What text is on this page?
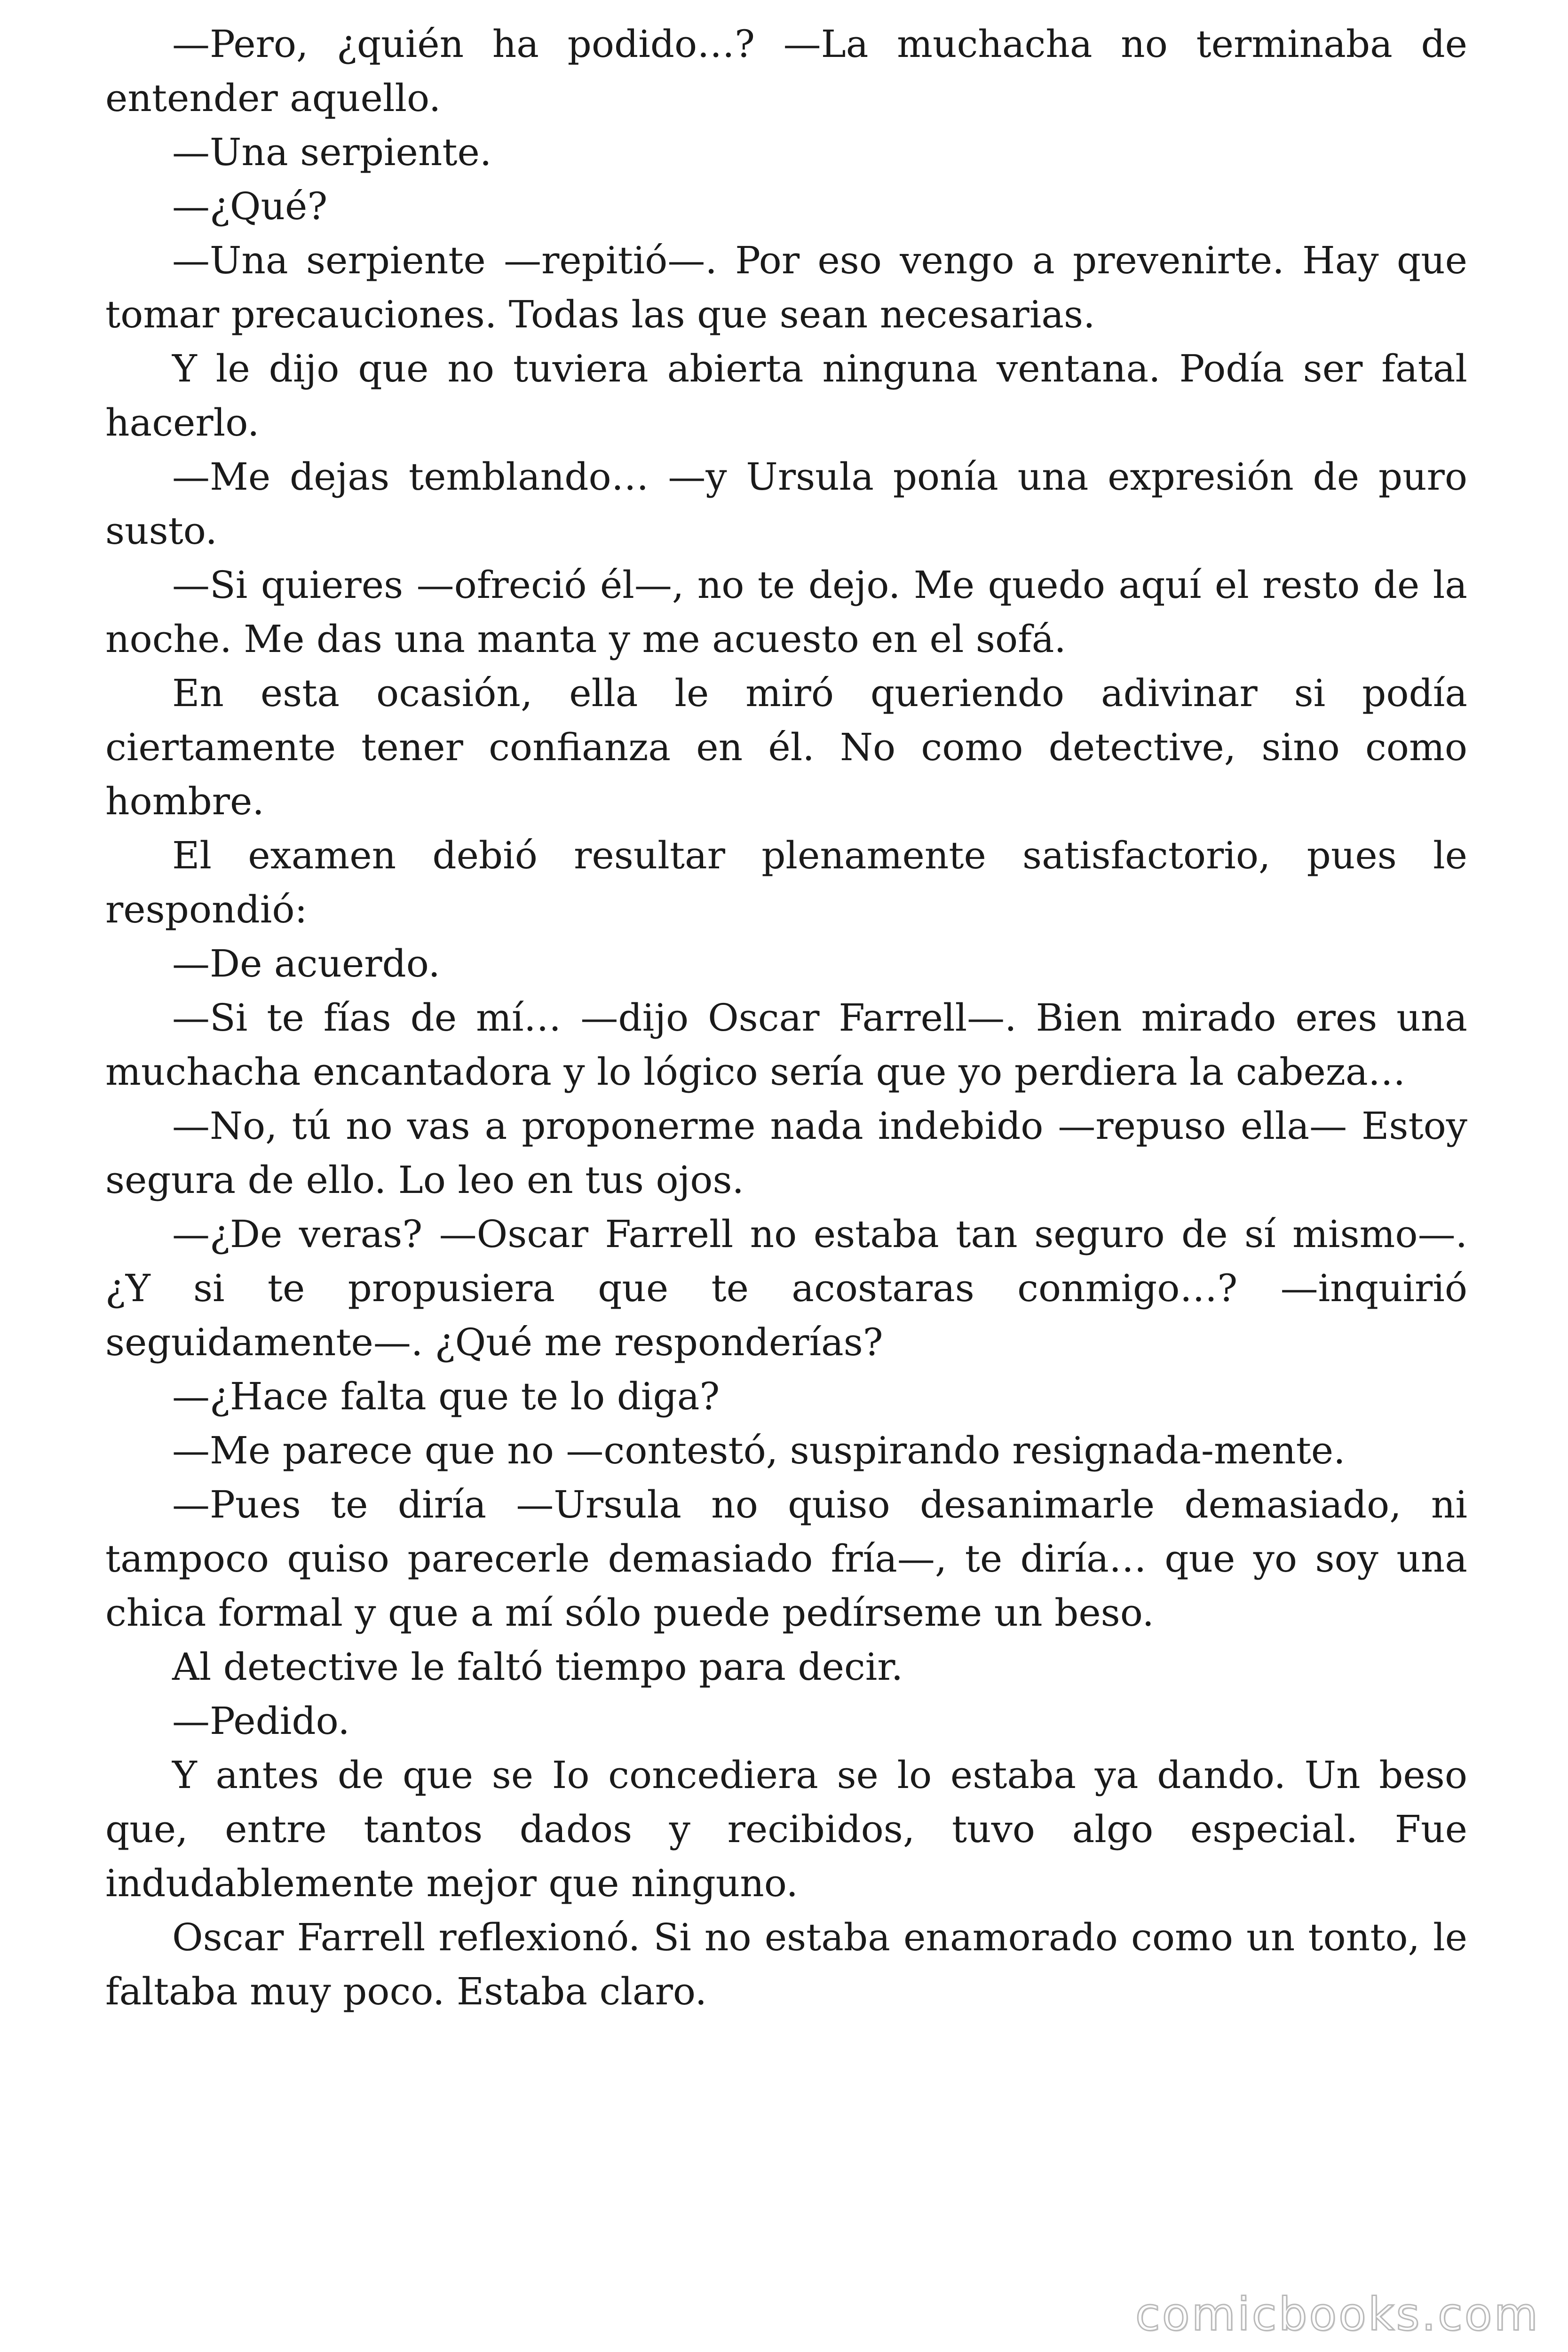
—Pero, ¿quién ha podido…? —La muchacha no terminaba de entender aquello.

—Una serpiente.

—¿Qué?

—Una serpiente —repitió—. Por eso vengo a prevenirte. Hay que tomar precauciones. Todas las que sean necesarias.

Y le dijo que no tuviera abierta ninguna ventana. Podía ser fatal hacerlo.

—Me dejas temblando… —y Ursula ponía una expresión de puro susto.

—Si quieres —ofreció él—, no te dejo. Me quedo aquí el resto de la noche. Me das una manta y me acuesto en el sofá.

En esta ocasión, ella le miró queriendo adivinar si podía ciertamente tener confianza en él. No como detective, sino como hombre.

El examen debió resultar plenamente satisfactorio, pues le respondió:

—De acuerdo.

—Si te fías de mí… —dijo Oscar Farrell—. Bien mirado eres una muchacha encantadora y lo lógico sería que yo perdiera la cabeza…

—No, tú no vas a proponerme nada indebido —repuso ella— Estoy segura de ello. Lo leo en tus ojos.

—¿De veras? —Oscar Farrell no estaba tan seguro de sí mismo—. ¿Y si te propusiera que te acostaras conmigo…? —inquirió seguidamente—. ¿Qué me responderías?

—¿Hace falta que te lo diga?

—Me parece que no —contestó, suspirando resignada-mente.

—Pues te diría —Ursula no quiso desanimarle demasiado, ni tampoco quiso parecerle demasiado fría—, te diría… que yo soy una chica formal y que a mí sólo puede pedírseme un beso.

Al detective le faltó tiempo para decir.

—Pedido.

Y antes de que se Io concediera se lo estaba ya dando. Un beso que, entre tantos dados y recibidos, tuvo algo especial. Fue indudablemente mejor que ninguno.

Oscar Farrell reflexionó. Si no estaba enamorado como un tonto, le faltaba muy poco. Estaba claro.

comicbooks.com
